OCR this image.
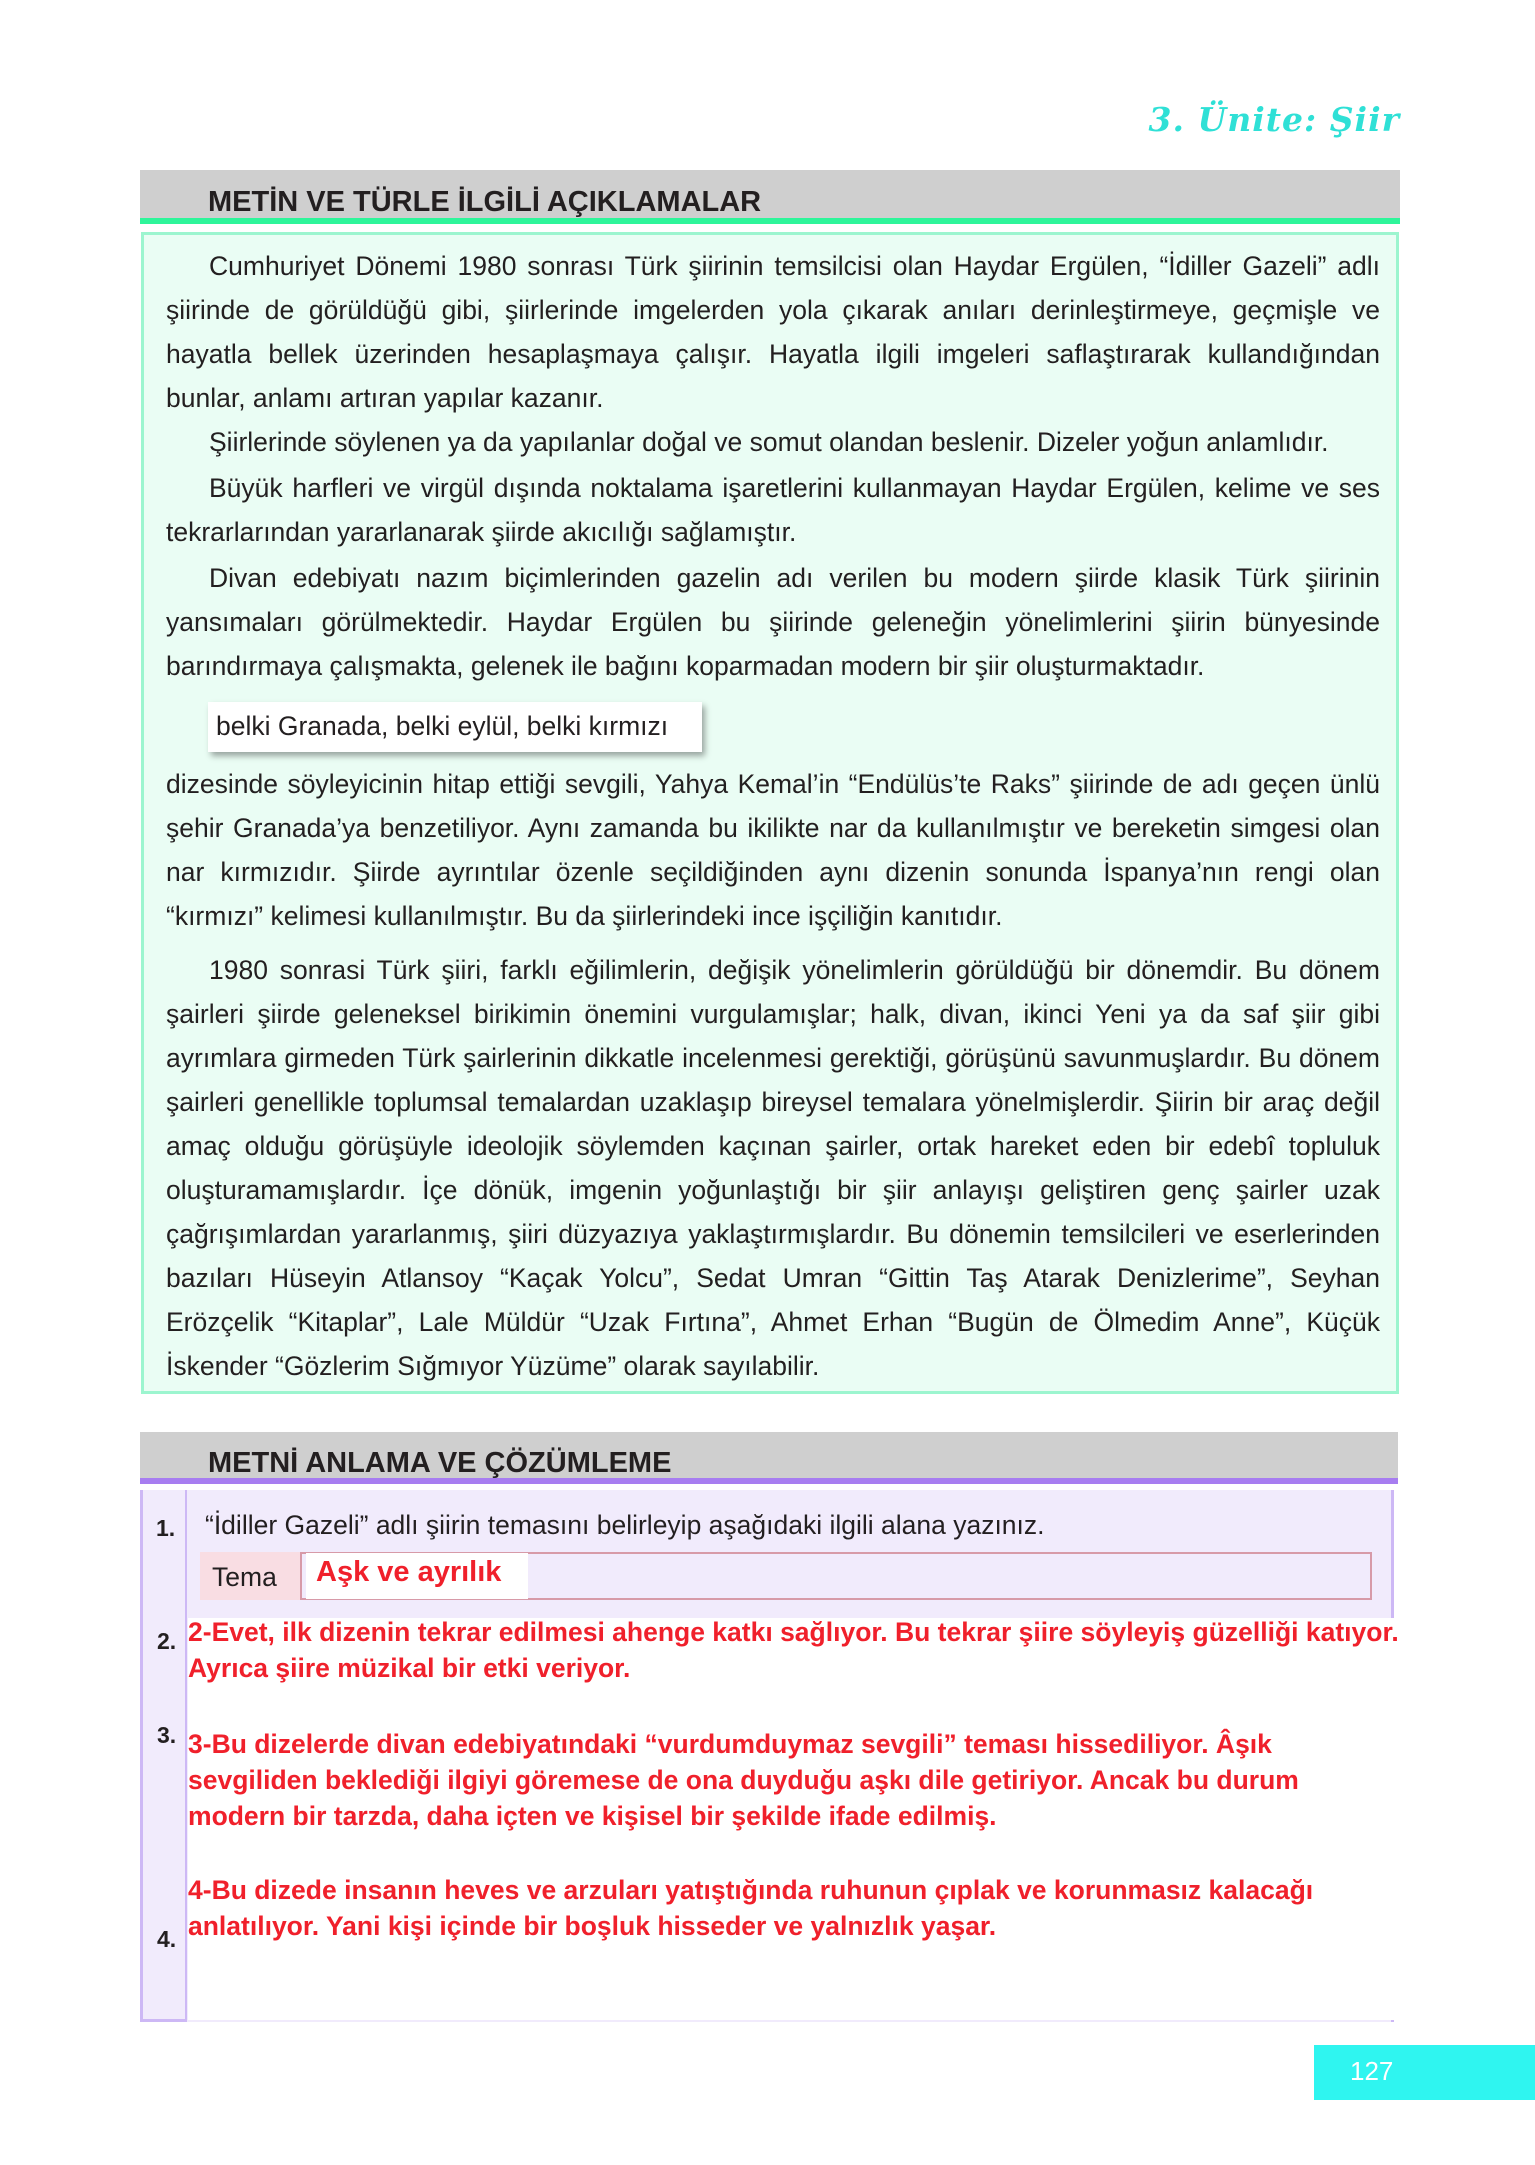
3. Ünite: Şiir
METİN VE TÜRLE İLGİLİ AÇIKLAMALAR

Cumhuriyet Dönemi 1980 sonrası Türk şiirinin temsilcisi olan Haydar Ergülen, “İdiller Gazeli” adlı şiirinde de görüldüğü gibi, şiirlerinde imgelerden yola çıkarak anıları derinleştirmeye, geçmişle ve hayatla bellek üzerinden hesaplaşmaya çalışır. Hayatla ilgili imgeleri saflaştırarak kullandığından bunlar, anlamı artıran yapılar kazanır.

Şiirlerinde söylenen ya da yapılanlar doğal ve somut olandan beslenir. Dizeler yoğun anlamlıdır.

Büyük harfleri ve virgül dışında noktalama işaretlerini kullanmayan Haydar Ergülen, kelime ve ses tekrarlarından yararlanarak şiirde akıcılığı sağlamıştır.

Divan edebiyatı nazım biçimlerinden gazelin adı verilen bu modern şiirde klasik Türk şiirinin yansımaları görülmektedir. Haydar Ergülen bu şiirinde geleneğin yönelimlerini şiirin bünyesinde barındırmaya çalışmakta, gelenek ile bağını koparmadan modern bir şiir oluşturmaktadır.

belki Granada, belki eylül, belki kırmızı

dizesinde söyleyicinin hitap ettiği sevgili, Yahya Kemal’in “Endülüs’te Raks” şiirinde de adı geçen ünlü şehir Granada’ya benzetiliyor. Aynı zamanda bu ikilikte nar da kullanılmıştır ve bereketin simgesi olan nar kırmızıdır. Şiirde ayrıntılar özenle seçildiğinden aynı dizenin sonunda İspanya’nın rengi olan “kırmızı” kelimesi kullanılmıştır. Bu da şiirlerindeki ince işçiliğin kanıtıdır.

1980 sonrasi Türk şiiri, farklı eğilimlerin, değişik yönelimlerin görüldüğü bir dönemdir. Bu dönem şairleri şiirde geleneksel birikimin önemini vurgulamışlar; halk, divan, ikinci Yeni ya da saf şiir gibi ayrımlara girmeden Türk şairlerinin dikkatle incelenmesi gerektiği, görüşünü savunmuşlardır. Bu dönem şairleri genellikle toplumsal temalardan uzaklaşıp bireysel temalara yönelmişlerdir. Şiirin bir araç değil amaç olduğu görüşüyle ideolojik söylemden kaçınan şairler, ortak hareket eden bir edebî topluluk oluşturamamışlardır. İçe dönük, imgenin yoğunlaştığı bir şiir anlayışı geliştiren genç şairler uzak çağrışımlardan yararlanmış, şiiri düzyazıya yaklaştırmışlardır. Bu dönemin temsilcileri ve eserlerinden bazıları Hüseyin Atlansoy “Kaçak Yolcu”, Sedat Umran “Gittin Taş Atarak Denizlerime”, Seyhan Erözçelik “Kitaplar”, Lale Müldür “Uzak Fırtına”, Ahmet Erhan “Bugün de Ölmedim Anne”, Küçük İskender “Gözlerim Sığmıyor Yüzüme” olarak sayılabilir.

METNİ ANLAMA VE ÇÖZÜMLEME
1. “İdiller Gazeli” adlı şiirin temasını belirleyip aşağıdaki ilgili alana yazınız.
Tema	Aşk ve ayrılık
2.
3.
4.

2-Evet, ilk dizenin tekrar edilmesi ahenge katkı sağlıyor. Bu tekrar şiire söyleyiş güzelliği katıyor. Ayrıca şiire müzikal bir etki veriyor.

3-Bu dizelerde divan edebiyatındaki “vurdumduymaz sevgili” teması hissediliyor. Âşık sevgiliden beklediği ilgiyi göremese de ona duyduğu aşkı dile getiriyor. Ancak bu durum modern bir tarzda, daha içten ve kişisel bir şekilde ifade edilmiş.

4-Bu dizede insanın heves ve arzuları yatıştığında ruhunun çıplak ve korunmasız kalacağı anlatılıyor. Yani kişi içinde bir boşluk hisseder ve yalnızlık yaşar.

127
